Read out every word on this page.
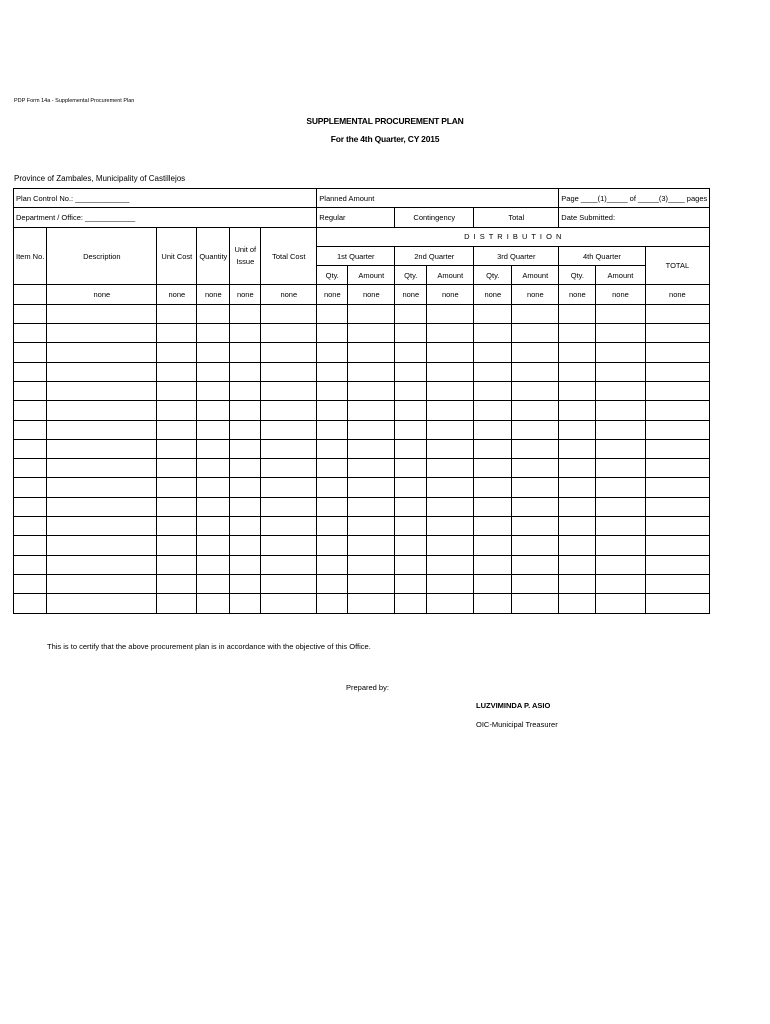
PDP Form 14a - Supplemental Procurement Plan
SUPPLEMENTAL PROCUREMENT PLAN
For the 4th Quarter, CY 2015
Province of Zambales, Municipality of Castillejos
Plan Control No.: _____________						Planned Amount						Page ____(1)_____ of _____(3)____ pages		
Department / Office: ____________						Regular		Contingency		Total		Date Submitted:		
Item No.	Description	Unit Cost	Quantity	Unit of Issue	Total Cost	D I S T R I B U T I O N								
						1st Quarter		2nd Quarter		3rd Quarter		4th Quarter		TOTAL
						Qty.	Amount	Qty.	Amount	Qty.	Amount	Qty.	Amount	
	none	none	none	none	none	none	none	none	none	none	none	none	none	none

This is to certify that the above procurement plan is in accordance with the objective of this Office.
Prepared by:
LUZVIMINDA P. ASIO
OIC-Municipal Treasurer
